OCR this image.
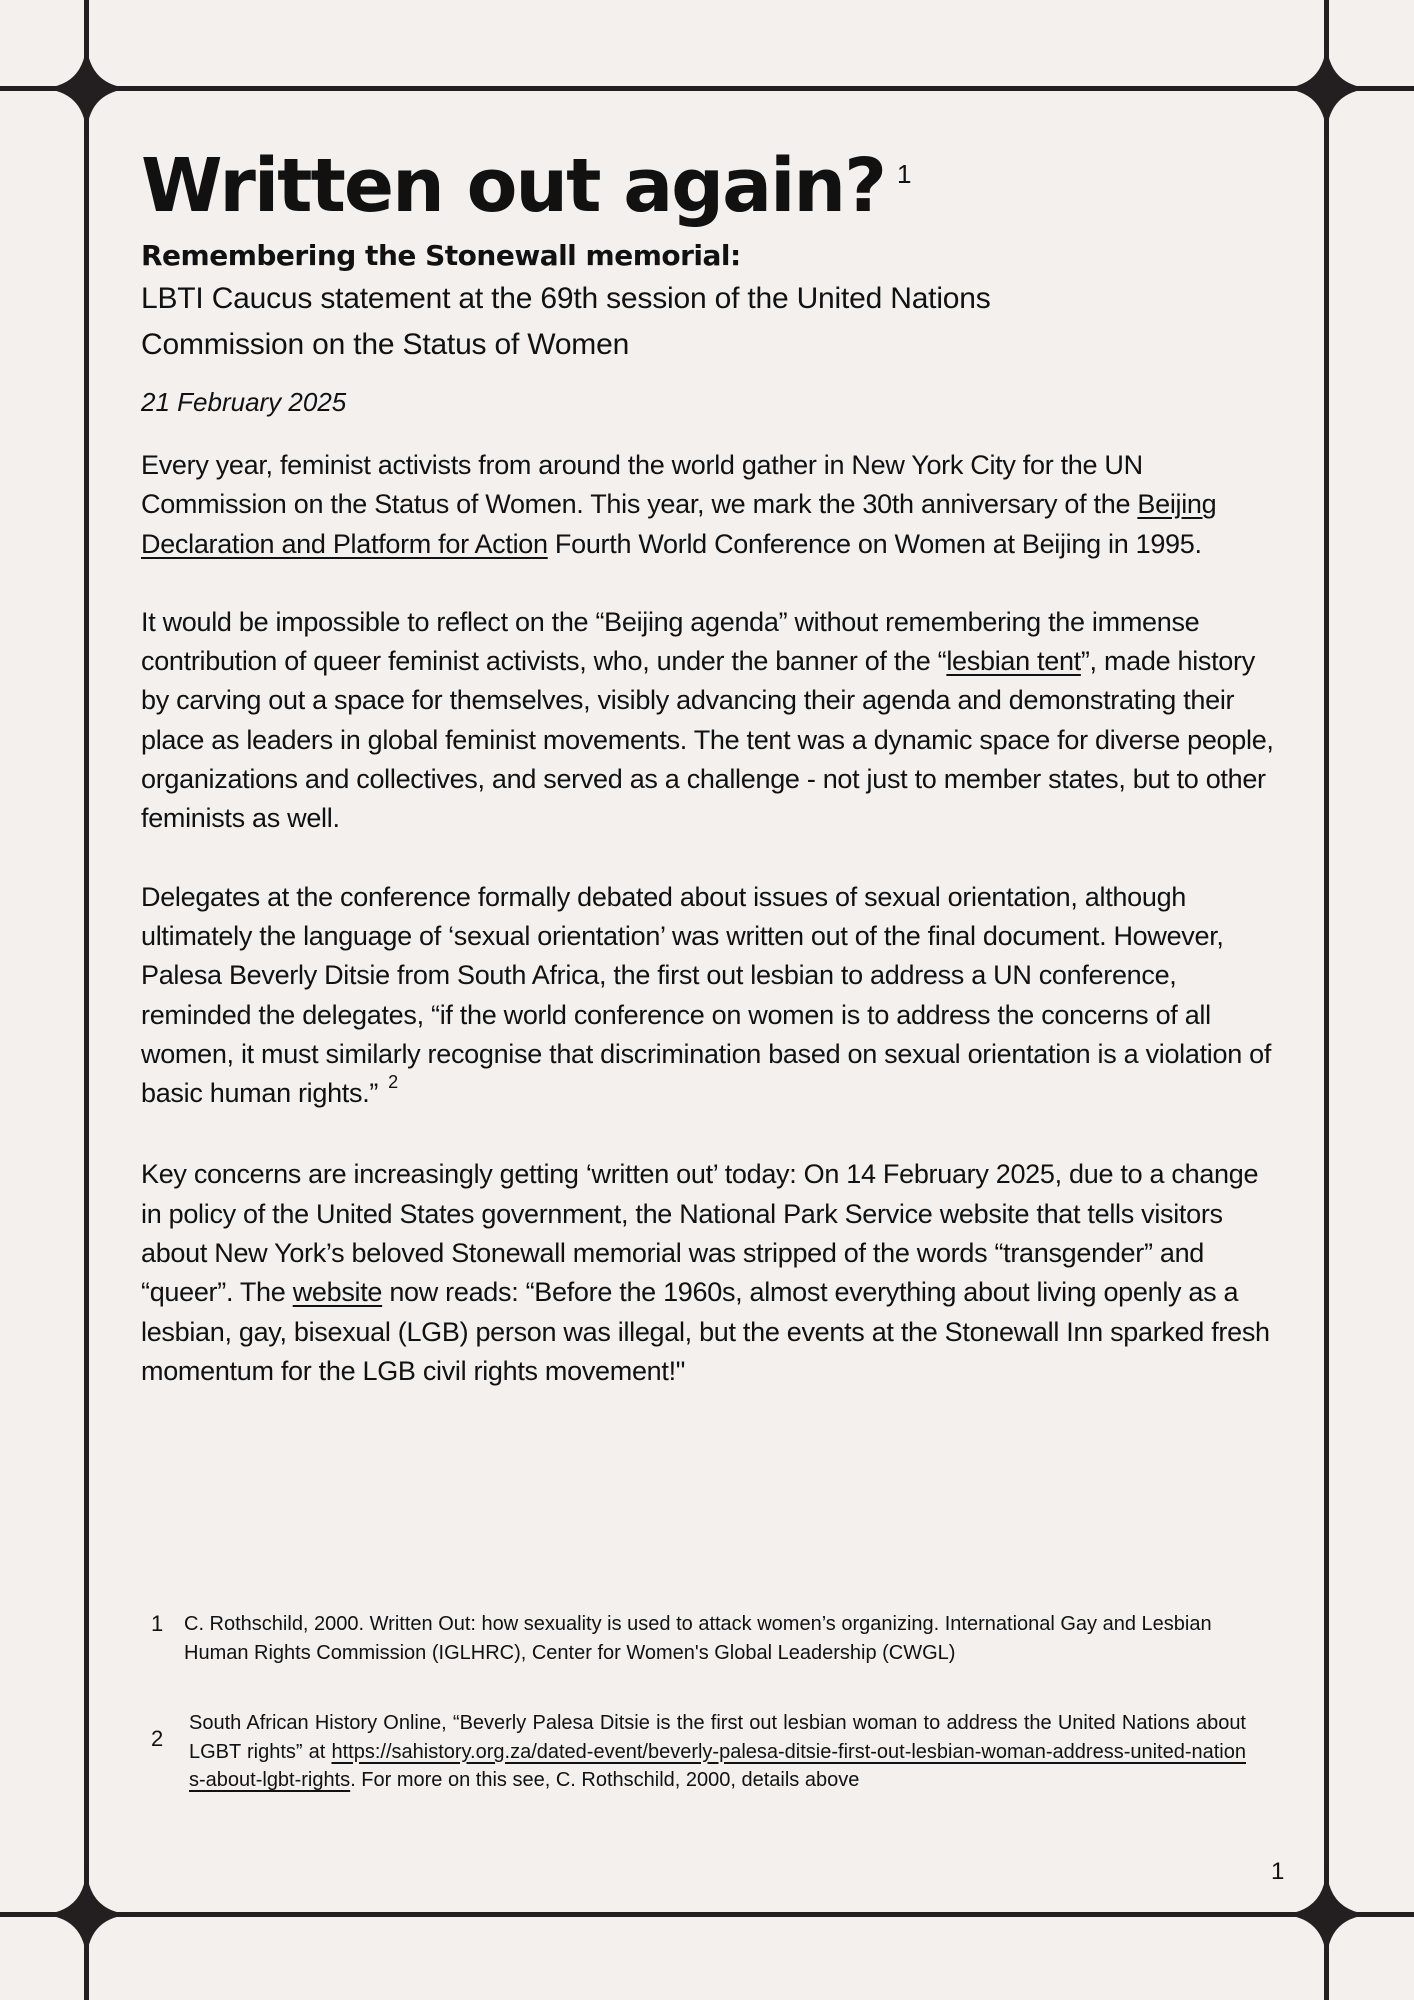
Written out again? $^1$
Remembering the Stonewall memorial:

LBTI Caucus statement at the 69th session of the United Nations

Commission on the Status of Women

21 February 2025

Every year, feminist activists from around the world gather in New York City for the UN Commission on the Status of Women. This year, we mark the 30th anniversary of the Beijing Declaration and Platform for Action Fourth World Conference on Women at Beijing in 1995.

It would be impossible to reflect on the “Beijing agenda” without remembering the immense contribution of queer feminist activists, who, under the banner of the “lesbian tent”, made history by carving out a space for themselves, visibly advancing their agenda and demonstrating their place as leaders in global feminist movements. The tent was a dynamic space for diverse people, organizations and collectives, and served as a challenge - not just to member states, but to other feminists as well.

Delegates at the conference formally debated about issues of sexual orientation, although ultimately the language of ‘sexual orientation’ was written out of the final document. However, Palesa Beverly Ditsie from South Africa, the first out lesbian to address a UN conference, reminded the delegates, “if the world conference on women is to address the concerns of all women, it must similarly recognise that discrimination based on sexual orientation is a violation of basic human rights.” $^2$

Key concerns are increasingly getting ‘written out’ today: On 14 February 2025, due to a change in policy of the United States government, the National Park Service website that tells visitors about New York’s beloved Stonewall memorial was stripped of the words “transgender” and “queer”. The website now reads: “Before the 1960s, almost everything about living openly as a lesbian, gay, bisexual (LGB) person was illegal, but the events at the Stonewall Inn sparked fresh momentum for the LGB civil rights movement!"

1	C. Rothschild, 2000. Written Out: how sexuality is used to attack women’s organizing. International Gay and Lesbian Human Rights Commission (IGLHRC), Center for Women's Global Leadership (CWGL)
2
South African History Online, “Beverly Palesa Ditsie is the first out lesbian woman to address the United Nations about LGBT rights” at https://sahistory.org.za/dated-event/beverly-palesa-ditsie-first-out-lesbian-woman-address-united-nations-about-lgbt-rights. For more on this see, C. Rothschild, 2000, details above
1
